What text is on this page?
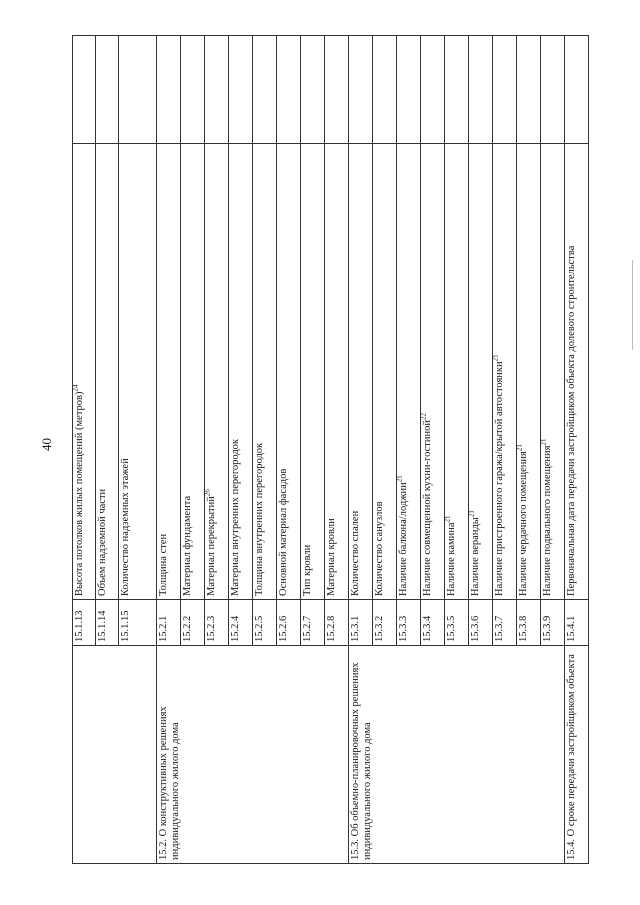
40
	15.1.13	Высота потолков жилых помещений (метров)$^{24}$	
	15.1.14	Объем надземной части	
	15.1.15	Количество надземных этажей	
15.2. О конструктивных решениях индивидуального жилого дома	15.2.1	Толщина стен	
	15.2.2	Материал фундамента	
	15.2.3	Материал перекрытий$^{26}$	
	15.2.4	Материал внутренних перегородок	
	15.2.5	Толщина внутренних перегородок	
	15.2.6	Основной материал фасадов	
	15.2.7	Тип кровли	
	15.2.8	Материал кровли	
15.3. Об объемно-планировочных решениях индивидуального жилого дома	15.3.1	Количество спален	
	15.3.2	Количество санузлов	
	15.3.3	Наличие балкона/лоджии$^{21}$	
	15.3.4	Наличие совмещенной кухни-гостиной$^{22}$	
	15.3.5	Наличие камина$^{21}$	
	15.3.6	Наличие веранды$^{21}$	
	15.3.7	Наличие пристроенного гаража/крытой автостоянки$^{21}$	
	15.3.8	Наличие чердачного помещения$^{21}$	
	15.3.9	Наличие подвального помещения$^{21}$	
15.4. О сроке передачи застройщиком объекта	15.4.1	Первоначальная дата передачи застройщиком объекта долевого строительства	
